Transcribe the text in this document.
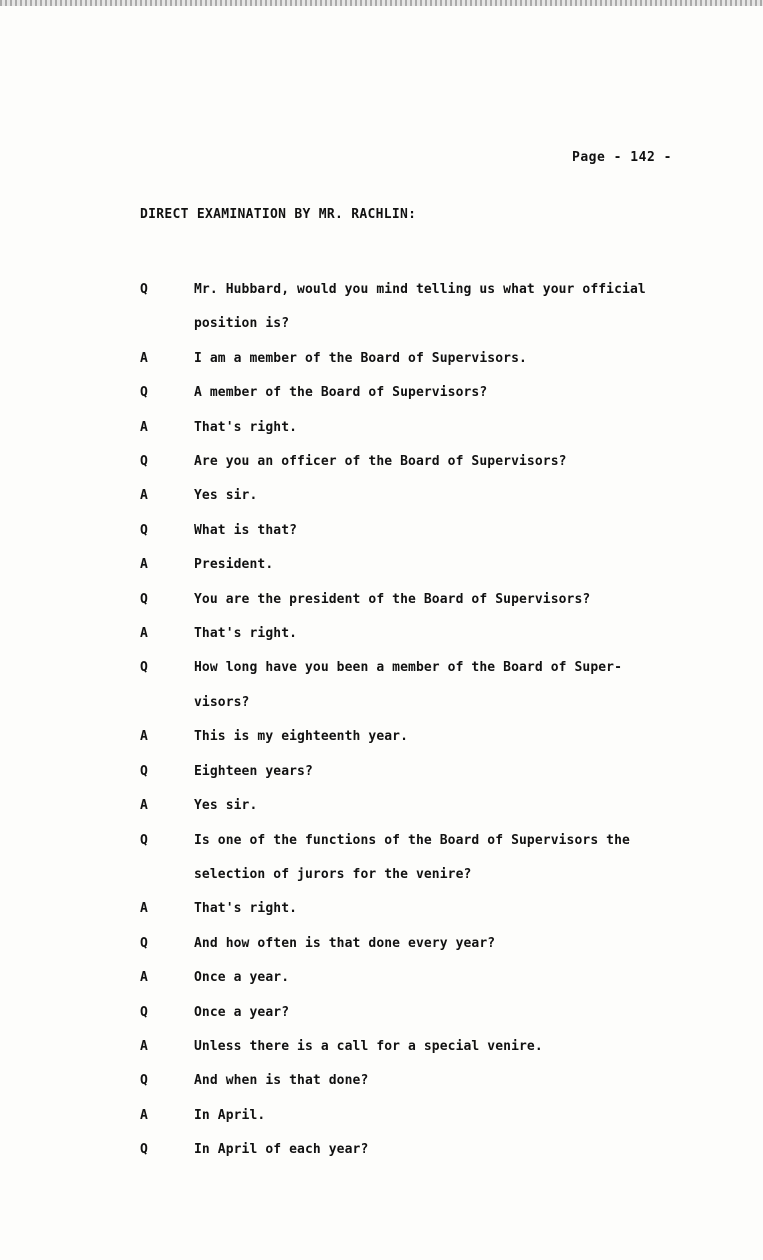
Page - 142 -
DIRECT EXAMINATION BY MR. RACHLIN:
Q	Mr. Hubbard, would you mind telling us what your official
position is?
A	I am a member of the Board of Supervisors.
Q	A member of the Board of Supervisors?
A	That's right.
Q	Are you an officer of the Board of Supervisors?
A	Yes sir.
Q	What is that?
A	President.
Q	You are the president of the Board of Supervisors?
A	That's right.
Q	How long have you been a member of the Board of Super-
visors?
A	This is my eighteenth year.
Q	Eighteen years?
A	Yes sir.
Q	Is one of the functions of the Board of Supervisors the
selection of jurors for the venire?
A	That's right.
Q	And how often is that done every year?
A	Once a year.
Q	Once a year?
A	Unless there is a call for a special venire.
Q	And when is that done?
A	In April.
Q	In April of each year?
